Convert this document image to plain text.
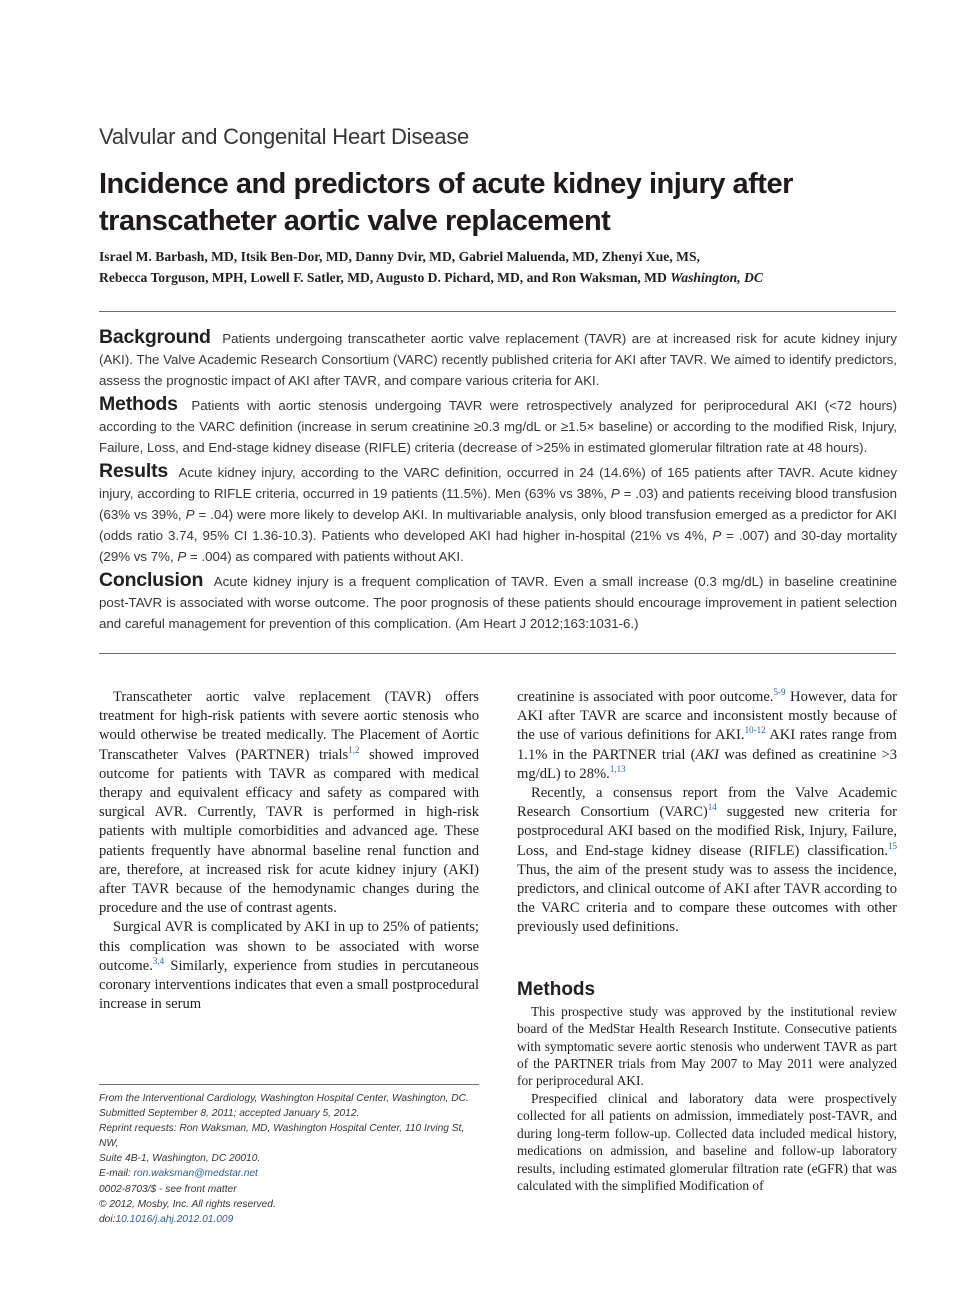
Valvular and Congenital Heart Disease
Incidence and predictors of acute kidney injury after transcatheter aortic valve replacement
Israel M. Barbash, MD, Itsik Ben-Dor, MD, Danny Dvir, MD, Gabriel Maluenda, MD, Zhenyi Xue, MS,
Rebecca Torguson, MPH, Lowell F. Satler, MD, Augusto D. Pichard, MD, and Ron Waksman, MD Washington, DC

Background Patients undergoing transcatheter aortic valve replacement (TAVR) are at increased risk for acute kidney injury (AKI). The Valve Academic Research Consortium (VARC) recently published criteria for AKI after TAVR. We aimed to identify predictors, assess the prognostic impact of AKI after TAVR, and compare various criteria for AKI.

Methods Patients with aortic stenosis undergoing TAVR were retrospectively analyzed for periprocedural AKI (<72 hours) according to the VARC definition (increase in serum creatinine ≥0.3 mg/dL or ≥1.5× baseline) or according to the modified Risk, Injury, Failure, Loss, and End-stage kidney disease (RIFLE) criteria (decrease of >25% in estimated glomerular filtration rate at 48 hours).

Results Acute kidney injury, according to the VARC definition, occurred in 24 (14.6%) of 165 patients after TAVR. Acute kidney injury, according to RIFLE criteria, occurred in 19 patients (11.5%). Men (63% vs 38%, P = .03) and patients receiving blood transfusion (63% vs 39%, P = .04) were more likely to develop AKI. In multivariable analysis, only blood transfusion emerged as a predictor for AKI (odds ratio 3.74, 95% CI 1.36-10.3). Patients who developed AKI had higher in-hospital (21% vs 4%, P = .007) and 30-day mortality (29% vs 7%, P = .004) as compared with patients without AKI.

Conclusion Acute kidney injury is a frequent complication of TAVR. Even a small increase (0.3 mg/dL) in baseline creatinine post-TAVR is associated with worse outcome. The poor prognosis of these patients should encourage improvement in patient selection and careful management for prevention of this complication. (Am Heart J 2012;163:1031-6.)

Transcatheter aortic valve replacement (TAVR) offers treatment for high-risk patients with severe aortic stenosis who would otherwise be treated medically. The Placement of Aortic Transcatheter Valves (PARTNER) trials$^{1,2}$ showed improved outcome for patients with TAVR as compared with medical therapy and equivalent efficacy and safety as compared with surgical AVR. Currently, TAVR is performed in high-risk patients with multiple comorbidities and advanced age. These patients frequently have abnormal baseline renal function and are, therefore, at increased risk for acute kidney injury (AKI) after TAVR because of the hemodynamic changes during the procedure and the use of contrast agents.

Surgical AVR is complicated by AKI in up to 25% of patients; this complication was shown to be associated with worse outcome.$^{3,4}$ Similarly, experience from studies in percutaneous coronary interventions indicates that even a small postprocedural increase in serum

From the Interventional Cardiology, Washington Hospital Center, Washington, DC.
Submitted September 8, 2011; accepted January 5, 2012.
Reprint requests: Ron Waksman, MD, Washington Hospital Center, 110 Irving St, NW,
Suite 4B-1, Washington, DC 20010.
E-mail: ron.waksman@medstar.net
0002-8703/$ - see front matter
© 2012, Mosby, Inc. All rights reserved.
doi:10.1016/j.ahj.2012.01.009

creatinine is associated with poor outcome.$^{5-9}$ However, data for AKI after TAVR are scarce and inconsistent mostly because of the use of various definitions for AKI.$^{10-12}$ AKI rates range from 1.1% in the PARTNER trial (AKI was defined as creatinine >3 mg/dL) to 28%.$^{1,13}$

Recently, a consensus report from the Valve Academic Research Consortium (VARC)$^{14}$ suggested new criteria for postprocedural AKI based on the modified Risk, Injury, Failure, Loss, and End-stage kidney disease (RIFLE) classification.$^{15}$ Thus, the aim of the present study was to assess the incidence, predictors, and clinical outcome of AKI after TAVR according to the VARC criteria and to compare these outcomes with other previously used definitions.

Methods

This prospective study was approved by the institutional review board of the MedStar Health Research Institute. Consecutive patients with symptomatic severe aortic stenosis who underwent TAVR as part of the PARTNER trials from May 2007 to May 2011 were analyzed for periprocedural AKI.

Prespecified clinical and laboratory data were prospectively collected for all patients on admission, immediately post-TAVR, and during long-term follow-up. Collected data included medical history, medications on admission, and baseline and follow-up laboratory results, including estimated glomerular filtration rate (eGFR) that was calculated with the simplified Modification of
